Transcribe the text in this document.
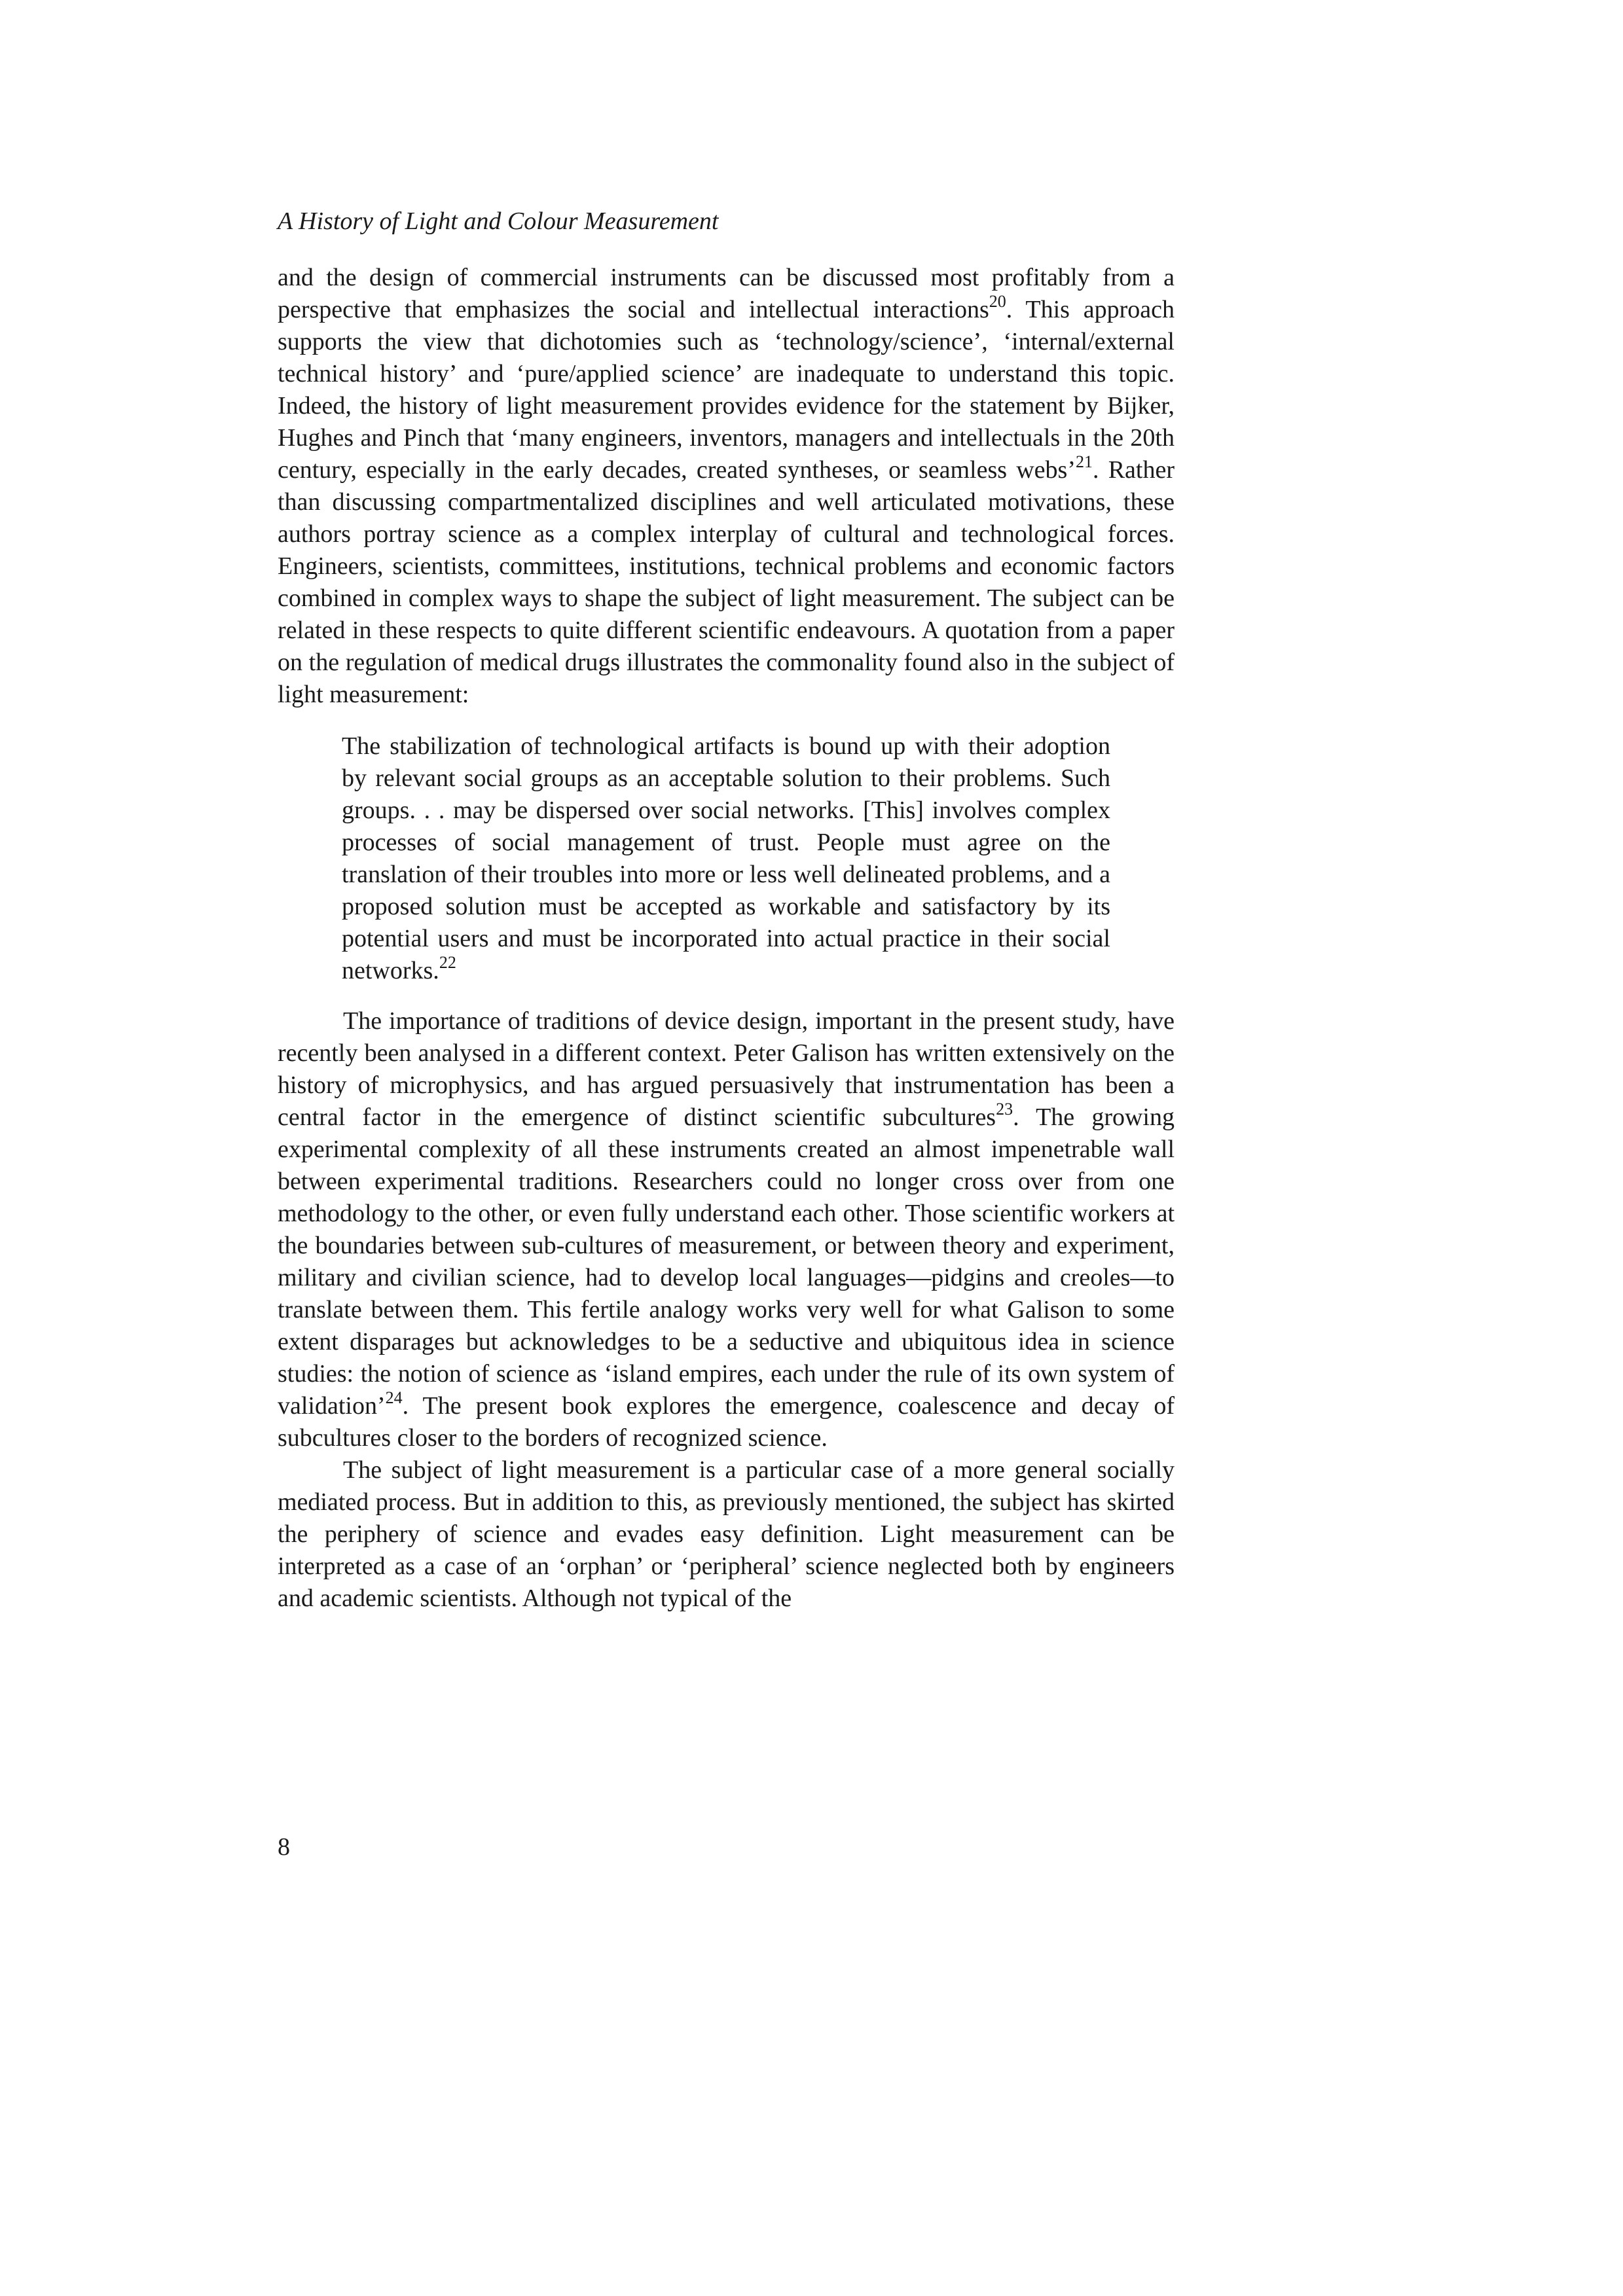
A History of Light and Colour Measurement

and the design of commercial instruments can be discussed most profitably from a perspective that emphasizes the social and intellectual interactions$^{20}$. This approach supports the view that dichotomies such as ‘technology/science’, ‘internal/external technical history’ and ‘pure/applied science’ are inadequate to understand this topic. Indeed, the history of light measurement provides evidence for the statement by Bijker, Hughes and Pinch that ‘many engineers, inventors, managers and intellectuals in the 20th century, especially in the early decades, created syntheses, or seamless webs’$^{21}$. Rather than discussing compartmentalized disciplines and well articulated motivations, these authors portray science as a complex interplay of cultural and technological forces. Engineers, scientists, committees, institutions, technical problems and economic factors combined in complex ways to shape the subject of light measurement. The subject can be related in these respects to quite different scientific endeavours. A quotation from a paper on the regulation of medical drugs illustrates the commonality found also in the subject of light measurement:

The stabilization of technological artifacts is bound up with their adoption by relevant social groups as an acceptable solution to their problems. Such groups. . . may be dispersed over social networks. [This] involves complex processes of social management of trust. People must agree on the translation of their troubles into more or less well delineated problems, and a proposed solution must be accepted as workable and satisfactory by its potential users and must be incorporated into actual practice in their social networks.$^{22}$

The importance of traditions of device design, important in the present study, have recently been analysed in a different context. Peter Galison has written extensively on the history of microphysics, and has argued persuasively that instrumentation has been a central factor in the emergence of distinct scientific subcultures$^{23}$. The growing experimental complexity of all these instruments created an almost impenetrable wall between experimental traditions. Researchers could no longer cross over from one methodology to the other, or even fully understand each other. Those scientific workers at the boundaries between sub-cultures of measurement, or between theory and experiment, military and civilian science, had to develop local languages—pidgins and creoles—to translate between them. This fertile analogy works very well for what Galison to some extent disparages but acknowledges to be a seductive and ubiquitous idea in science studies: the notion of science as ‘island empires, each under the rule of its own system of validation’$^{24}$. The present book explores the emergence, coalescence and decay of subcultures closer to the borders of recognized science.

The subject of light measurement is a particular case of a more general socially mediated process. But in addition to this, as previously mentioned, the subject has skirted the periphery of science and evades easy definition. Light measurement can be interpreted as a case of an ‘orphan’ or ‘peripheral’ science neglected both by engineers and academic scientists. Although not typical of the

8
